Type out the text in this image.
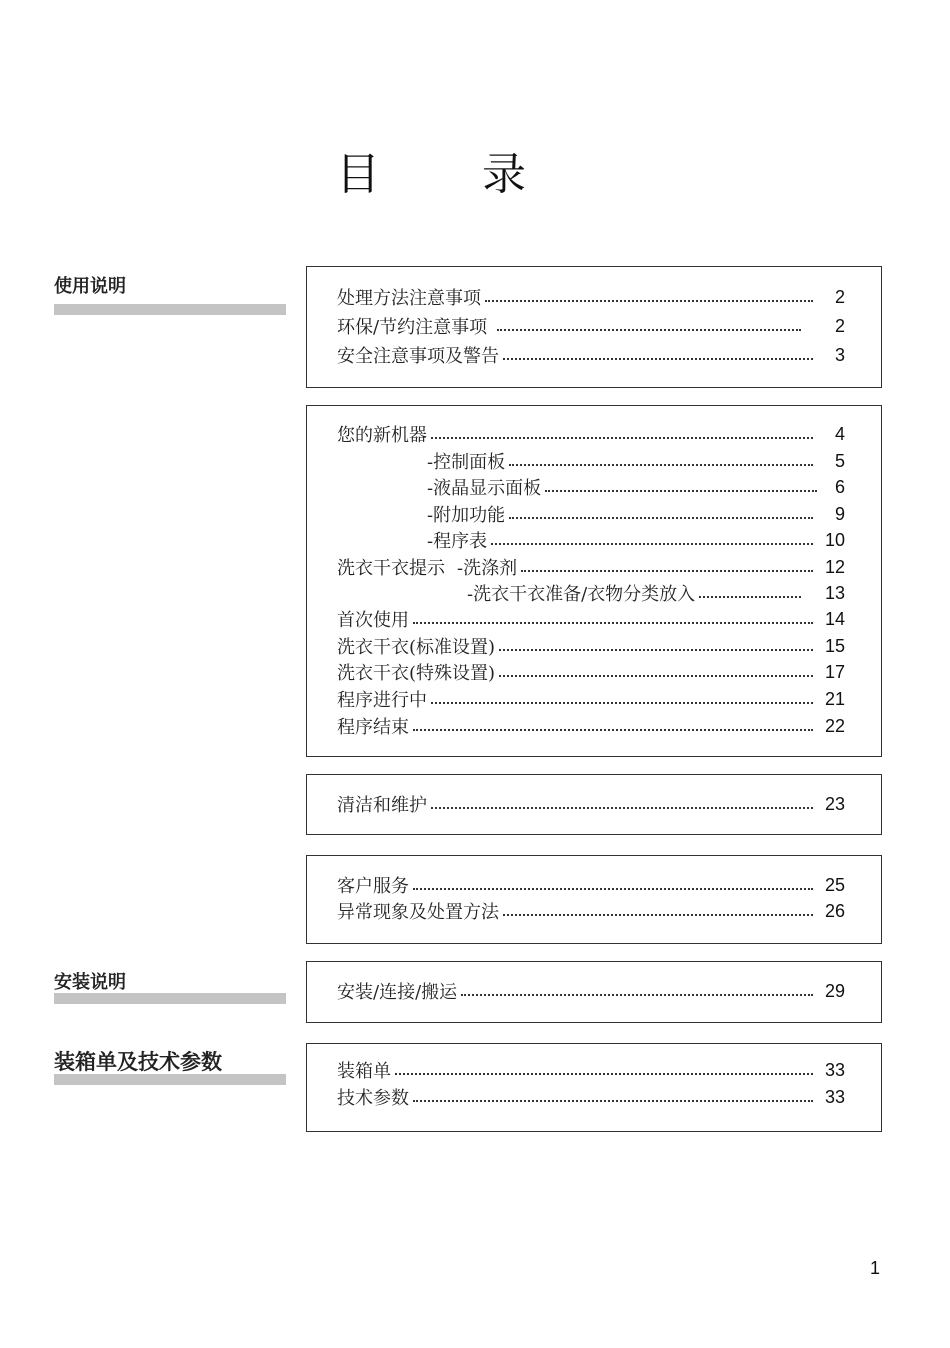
目 录
使用说明
安装说明
装箱单及技术参数
处理方法注意事项	2
环保/节约注意事项	2
安全注意事项及警告	3
您的新机器	4
-控制面板	5
-液晶显示面板	6
-附加功能	9
-程序表	10
洗衣干衣提示 -洗涤剂	12
-洗衣干衣准备/衣物分类放入	13
首次使用	14
洗衣干衣(标准设置)	15
洗衣干衣(特殊设置)	17
程序进行中	21
程序结束	22
清洁和维护	23
客户服务	25
异常现象及处置方法	26
安装/连接/搬运	29
装箱单	33
技术参数	33
1
